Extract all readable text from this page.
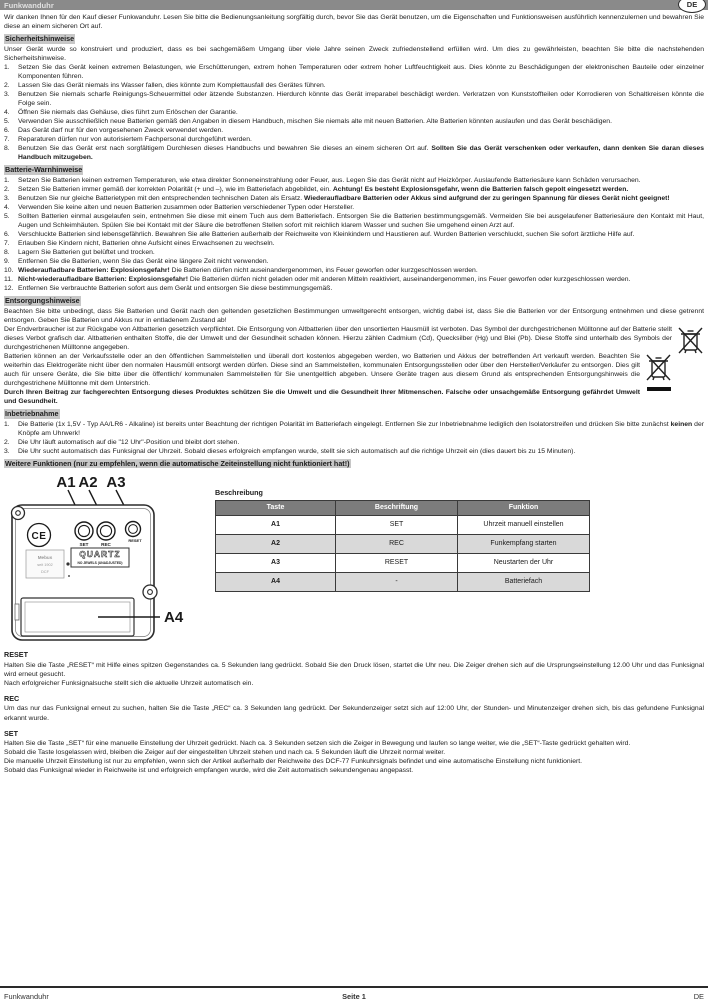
Funkwanduhr	DE

Wir danken Ihnen für den Kauf dieser Funkwanduhr. Lesen Sie bitte die Bedienungsanleitung sorgfältig durch, bevor Sie das Gerät benutzen, um die Eigenschaften und Funktionsweisen ausführlich kennenzulernen und bewahren Sie diese an einem sicheren Ort auf.

Sicherheitshinweise

Unser Gerät wurde so konstruiert und produziert, dass es bei sachgemäßem Umgang über viele Jahre seinen Zweck zufriedenstellend erfüllen wird. Um dies zu gewährleisten, beachten Sie bitte die nachstehenden Sicherheitshinweise.

1.	Setzen Sie das Gerät keinen extremen Belastungen, wie Erschütterungen, extrem hohen Temperaturen oder extrem hoher Luftfeuchtigkeit aus. Dies könnte zu Beschädigungen der elektronischen Bauteile oder einzelner Komponenten führen.
2.	Lassen Sie das Gerät niemals ins Wasser fallen, dies könnte zum Komplettausfall des Gerätes führen.
3.	Benutzen Sie niemals scharfe Reinigungs-Scheuermittel oder ätzende Substanzen. Hierdurch könnte das Gerät irreparabel beschädigt werden. Verkratzen von Kunststoffteilen oder Korrodieren von Schaltkreisen könnte die Folge sein.
4.	Öffnen Sie niemals das Gehäuse, dies führt zum Erlöschen der Garantie.
5.	Verwenden Sie ausschließlich neue Batterien gemäß den Angaben in diesem Handbuch, mischen Sie niemals alte mit neuen Batterien. Alte Batterien könnten auslaufen und das Gerät beschädigen.
6.	Das Gerät darf nur für den vorgesehenen Zweck verwendet werden.
7.	Reparaturen dürfen nur von autorisiertem Fachpersonal durchgeführt werden.
8.	Benutzen Sie das Gerät erst nach sorgfältigem Durchlesen dieses Handbuchs und bewahren Sie dieses an einem sicheren Ort auf. Sollten Sie das Gerät verschenken oder verkaufen, dann denken Sie daran dieses Handbuch mitzugeben.
Batterie-Warnhinweise
1.	Setzen Sie Batterien keinen extremen Temperaturen, wie etwa direkter Sonneneinstrahlung oder Feuer, aus. Legen Sie das Gerät nicht auf Heizkörper. Auslaufende Batteriesäure kann Schäden verursachen.
2.	Setzen Sie Batterien immer gemäß der korrekten Polarität (+ und –), wie im Batteriefach abgebildet, ein. Achtung! Es besteht Explosionsgefahr, wenn die Batterien falsch gepolt eingesetzt werden.
3.	Benutzen Sie nur gleiche Batterietypen mit den entsprechenden technischen Daten als Ersatz. Wiederaufladbare Batterien oder Akkus sind aufgrund der zu geringen Spannung für dieses Gerät nicht geeignet!
4.	Verwenden Sie keine alten und neuen Batterien zusammen oder Batterien verschiedener Typen oder Hersteller.
5.	Sollten Batterien einmal ausgelaufen sein, entnehmen Sie diese mit einem Tuch aus dem Batteriefach. Entsorgen Sie die Batterien bestimmungsgemäß. Vermeiden Sie bei ausgelaufener Batteriesäure den Kontakt mit Haut, Augen und Schleimhäuten. Spülen Sie bei Kontakt mit der Säure die betroffenen Stellen sofort mit reichlich klarem Wasser und suchen Sie umgehend einen Arzt auf.
6.	Verschluckte Batterien sind lebensgefährlich. Bewahren Sie alle Batterien außerhalb der Reichweite von Kleinkindern und Haustieren auf. Wurden Batterien verschluckt, suchen Sie sofort ärztliche Hilfe auf.
7.	Erlauben Sie Kindern nicht, Batterien ohne Aufsicht eines Erwachsenen zu wechseln.
8.	Lagern Sie Batterien gut belüftet und trocken.
9.	Entfernen Sie die Batterien, wenn Sie das Gerät eine längere Zeit nicht verwenden.
10. Wiederaufladbare Batterien: Explosionsgefahr! Die Batterien dürfen nicht auseinandergenommen, ins Feuer geworfen oder kurzgeschlossen werden.
11. Nicht-wiederaufladbare Batterien: Explosionsgefahr! Die Batterien dürfen nicht geladen oder mit anderen Mitteln reaktiviert, auseinandergenommen, ins Feuer geworfen oder kurzgeschlossen werden.
12. Entfernen Sie verbrauchte Batterien sofort aus dem Gerät und entsorgen Sie diese bestimmungsgemäß.
Entsorgungshinweise

Beachten Sie bitte unbedingt, dass Sie Batterien und Gerät nach den geltenden gesetzlichen Bestimmungen umweltgerecht entsorgen, wichtig dabei ist, dass Sie die Batterien vor der Entsorgung entnehmen und diese getrennt entsorgen. Geben Sie Batterien und Akkus nur in entladenem Zustand ab!

Der Endverbraucher ist zur Rückgabe von Altbatterien gesetzlich verpflichtet. Die Entsorgung von Altbatterien über den unsortierten Hausmüll ist verboten. Das Symbol der durchgestrichenen Mülltonne auf der Batterie stellt dieses Verbot grafisch dar. Altbatterien enthalten Stoffe, die der Umwelt und der Gesundheit schaden können. Hierzu zählen Cadmium (Cd), Quecksilber (Hg) und Blei (Pb). Diese Stoffe sind unterhalb des Symbols der durchgestrichenen Mülltonne angegeben.

Batterien können an der Verkaufsstelle oder an den öffentlichen Sammelstellen und überall dort kostenlos abgegeben werden, wo Batterien und Akkus der betreffenden Art verkauft werden. Beachten Sie weiterhin das Elektrogeräte nicht über den normalen Hausmüll entsorgt werden dürfen. Diese sind an Sammelstellen, kommunalen Entsorgungsstellen oder über den Hersteller/Verkäufer zu entsorgen. Dies gilt auch für unsere Geräte, die Sie bitte über die öffentlich/ kommunalen Sammelstellen für Sie unentgeltlich abgeben. Unsere Geräte tragen aus diesem Grund als entsprechenden Entsorgungshinweis die durchgestrichene Mülltonne mit dem Unterstrich.

Durch Ihren Beitrag zur fachgerechten Entsorgung dieses Produktes schützen Sie die Umwelt und die Gesundheit Ihrer Mitmenschen. Falsche oder unsachgemäße Entsorgung gefährdet Umwelt und Gesundheit.

Inbetriebnahme
1.	Die Batterie (1x 1,5V - Typ AA/LR6 - Alkaline) ist bereits unter Beachtung der richtigen Polarität im Batteriefach eingelegt. Entfernen Sie zur Inbetriebnahme lediglich den Isolatorstreifen und drücken Sie bitte zunächst keinen der Knöpfe am Uhrwerk!
2.	Die Uhr läuft automatisch auf die "12 Uhr"-Position und bleibt dort stehen.
3.	Die Uhr sucht automatisch das Funksignal der Uhrzeit. Sobald dieses erfolgreich empfangen wurde, stellt sie sich automatisch auf die richtige Uhrzeit ein (dies dauert bis zu 15 Minuten).
Weitere Funktionen (nur zu empfehlen, wenn die automatische Zeiteinstellung nicht funktioniert hat!)
A1 A2 A3
CE
SET	REC
RESET
Mebus
seit 1902
DCF
QUARTZ
NO JEWELS (UNADJUSTED)
A4
Beschreibung
Taste	Beschriftung	Funktion
A1	SET	Uhrzeit manuell einstellen
A2	REC	Funkempfang starten
A3	RESET	Neustarten der Uhr
A4	-	Batteriefach
RESET

Halten Sie die Taste „RESET“ mit Hilfe eines spitzen Gegenstandes ca. 5 Sekunden lang gedrückt. Sobald Sie den Druck lösen, startet die Uhr neu. Die Zeiger drehen sich auf die Ursprungseinstellung 12.00 Uhr und das Funksignal wird erneut gesucht.

Nach erfolgreicher Funksignalsuche stellt sich die aktuelle Uhrzeit automatisch ein.

REC

Um das nur das Funksignal erneut zu suchen, halten Sie die Taste „REC“ ca. 3 Sekunden lang gedrückt. Der Sekundenzeiger setzt sich auf 12:00 Uhr, der Stunden- und Minutenzeiger drehen sich, bis das gefundene Funksignal erkannt wurde.

SET

Halten Sie die Taste „SET“ für eine manuelle Einstellung der Uhrzeit gedrückt. Nach ca. 3 Sekunden setzen sich die Zeiger in Bewegung und laufen so lange weiter, wie die „SET“-Taste gedrückt gehalten wird.

Sobald die Taste losgelassen wird, bleiben die Zeiger auf der eingestellten Uhrzeit stehen und nach ca. 5 Sekunden läuft die Uhrzeit normal weiter.

Die manuelle Uhrzeit Einstellung ist nur zu empfehlen, wenn sich der Artikel außerhalb der Reichweite des DCF-77 Funkuhrsignals befindet und eine automatische Einstellung nicht funktioniert.

Sobald das Funksignal wieder in Reichweite ist und erfolgreich empfangen wurde, wird die Zeit automatisch sekundengenau angepasst.

Funkwanduhr	Seite 1	DE
